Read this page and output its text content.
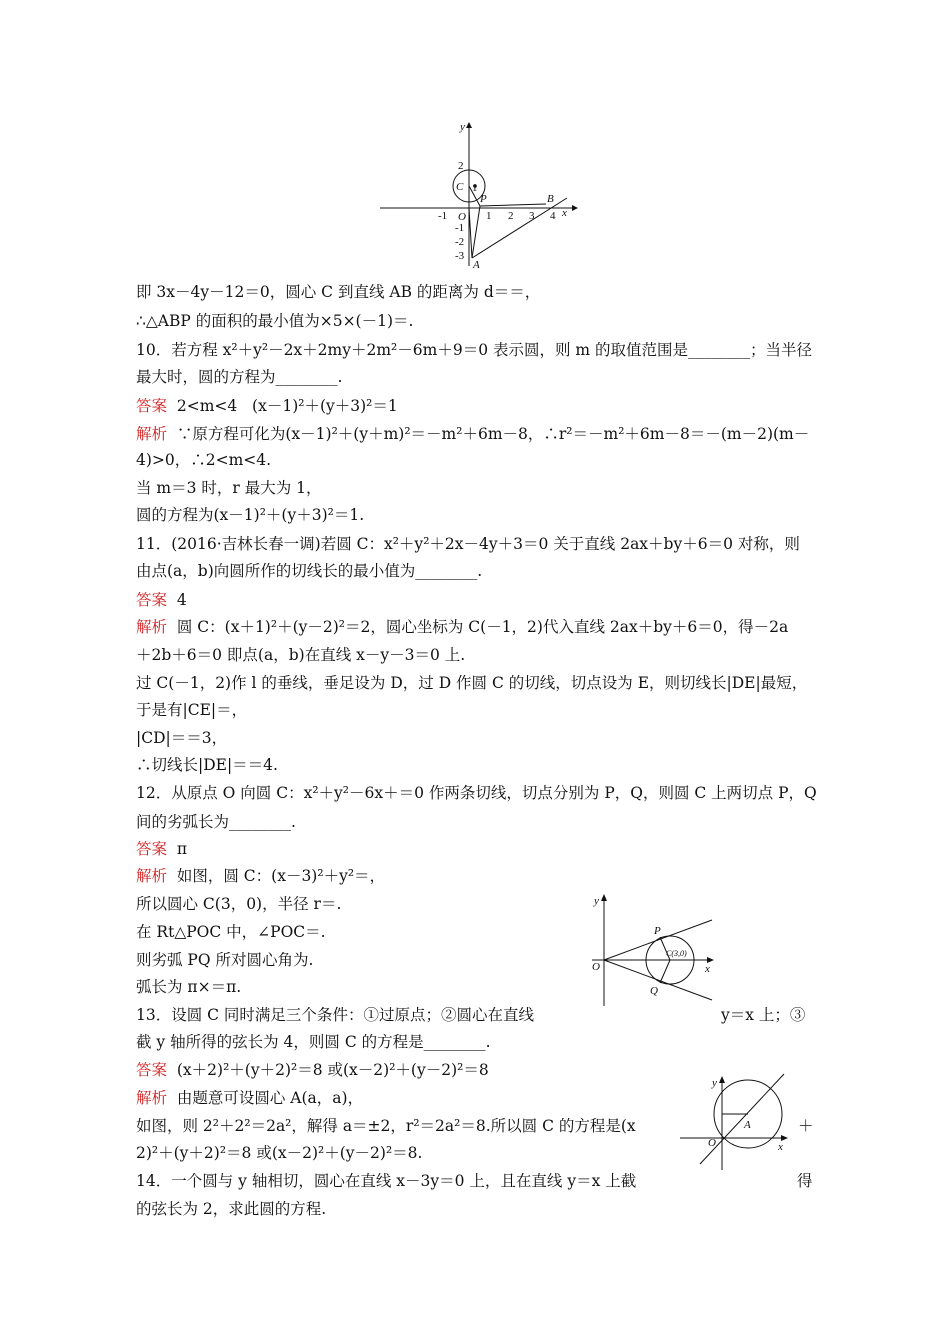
y
x
O
C
P	B
A
-1	1 2 3 4
2
1
-1
-2
-3
即 3x－4y－12＝0，圆心 C 到直线 AB 的距离为 d＝＝，
∴△ABP 的面积的最小值为×5×(－1)＝.
10．若方程 x²＋y²－2x＋2my＋2m²－6m＋9＝0 表示圆，则 m 的取值范围是________；当半径
最大时，圆的方程为________.
答案  2<m<4   (x－1)²＋(y＋3)²＝1
解析  ∵原方程可化为(x－1)²＋(y＋m)²＝－m²＋6m－8，∴r²＝－m²＋6m－8＝－(m－2)(m－
4)>0，∴2<m<4.
当 m＝3 时，r 最大为 1，
圆的方程为(x－1)²＋(y＋3)²＝1.
11．(2016·吉林长春一调)若圆 C：x²＋y²＋2x－4y＋3＝0 关于直线 2ax＋by＋6＝0 对称，则
由点(a，b)向圆所作的切线长的最小值为________.
答案  4
解析  圆 C：(x＋1)²＋(y－2)²＝2，圆心坐标为 C(－1，2)代入直线 2ax＋by＋6＝0，得－2a
＋2b＋6＝0 即点(a，b)在直线 x－y－3＝0 上.
过 C(－1，2)作 l 的垂线，垂足设为 D，过 D 作圆 C 的切线，切点设为 E，则切线长|DE|最短，
于是有|CE|＝，
|CD|＝＝3，
∴切线长|DE|＝＝4.
12．从原点 O 向圆 C：x²＋y²－6x＋＝0 作两条切线，切点分别为 P，Q，则圆 C 上两切点 P，Q
间的劣弧长为________.
答案  π
解析  如图，圆 C：(x－3)²＋y²＝，
所以圆心 C(3，0)，半径 r＝.
在 Rt△POC 中，∠POC＝.
则劣弧 PQ 所对圆心角为.
弧长为 π×＝π.
13．设圆 C 同时满足三个条件：①过原点；②圆心在直线	y＝x 上；③
截 y 轴所得的弦长为 4，则圆 C 的方程是________.
答案  (x＋2)²＋(y＋2)²＝8 或(x－2)²＋(y－2)²＝8
解析  由题意可设圆心 A(a，a)，
如图，则 2²＋2²＝2a²，解得 a＝±2，r²＝2a²＝8.所以圆 C 的方程是(x	＋
2)²＋(y＋2)²＝8 或(x－2)²＋(y－2)²＝8.
14．一个圆与 y 轴相切，圆心在直线 x－3y＝0 上，且在直线 y＝x 上截	得
的弦长为 2，求此圆的方程.
y
x
O
P
Q
C(3,0)
y
x
O
A
